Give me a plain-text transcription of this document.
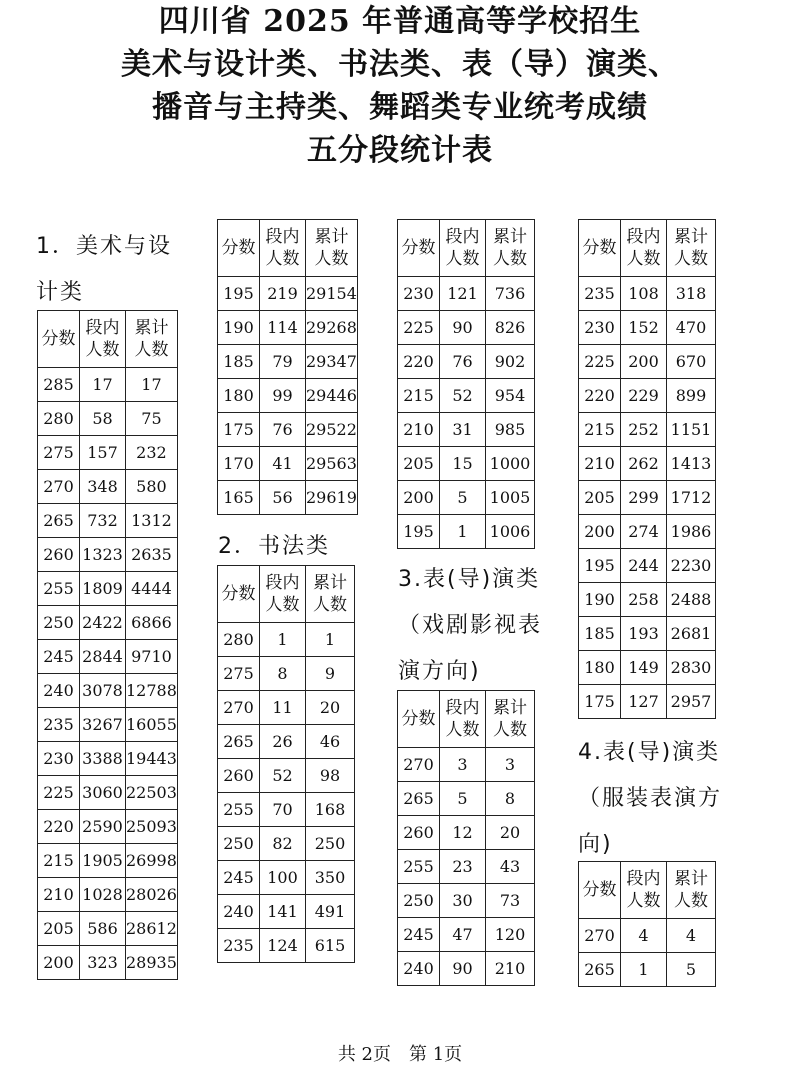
四川省 2025 年普通高等学校招生
美术与设计类、书法类、表（导）演类、
播音与主持类、舞蹈类专业统考成绩
五分段统计表
1．美术与设
计类
2．书法类
3.表(导)演类
（戏剧影视表
演方向)
4.表(导)演类
（服装表演方
向)
分数	段内人数	累计人数
285	17	17
280	58	75
275	157	232
270	348	580
265	732	1312
260	1323	2635
255	1809	4444
250	2422	6866
245	2844	9710
240	3078	12788
235	3267	16055
230	3388	19443
225	3060	22503
220	2590	25093
215	1905	26998
210	1028	28026
205	586	28612
200	323	28935
分数	段内人数	累计人数
195	219	29154
190	114	29268
185	79	29347
180	99	29446
175	76	29522
170	41	29563
165	56	29619
分数	段内人数	累计人数
280	1	1
275	8	9
270	11	20
265	26	46
260	52	98
255	70	168
250	82	250
245	100	350
240	141	491
235	124	615
分数	段内人数	累计人数
230	121	736
225	90	826
220	76	902
215	52	954
210	31	985
205	15	1000
200	5	1005
195	1	1006
分数	段内人数	累计人数
270	3	3
265	5	8
260	12	20
255	23	43
250	30	73
245	47	120
240	90	210
分数	段内人数	累计人数
235	108	318
230	152	470
225	200	670
220	229	899
215	252	1151
210	262	1413
205	299	1712
200	274	1986
195	244	2230
190	258	2488
185	193	2681
180	149	2830
175	127	2957
分数	段内人数	累计人数
270	4	4
265	1	5
共 2页　第 1页
